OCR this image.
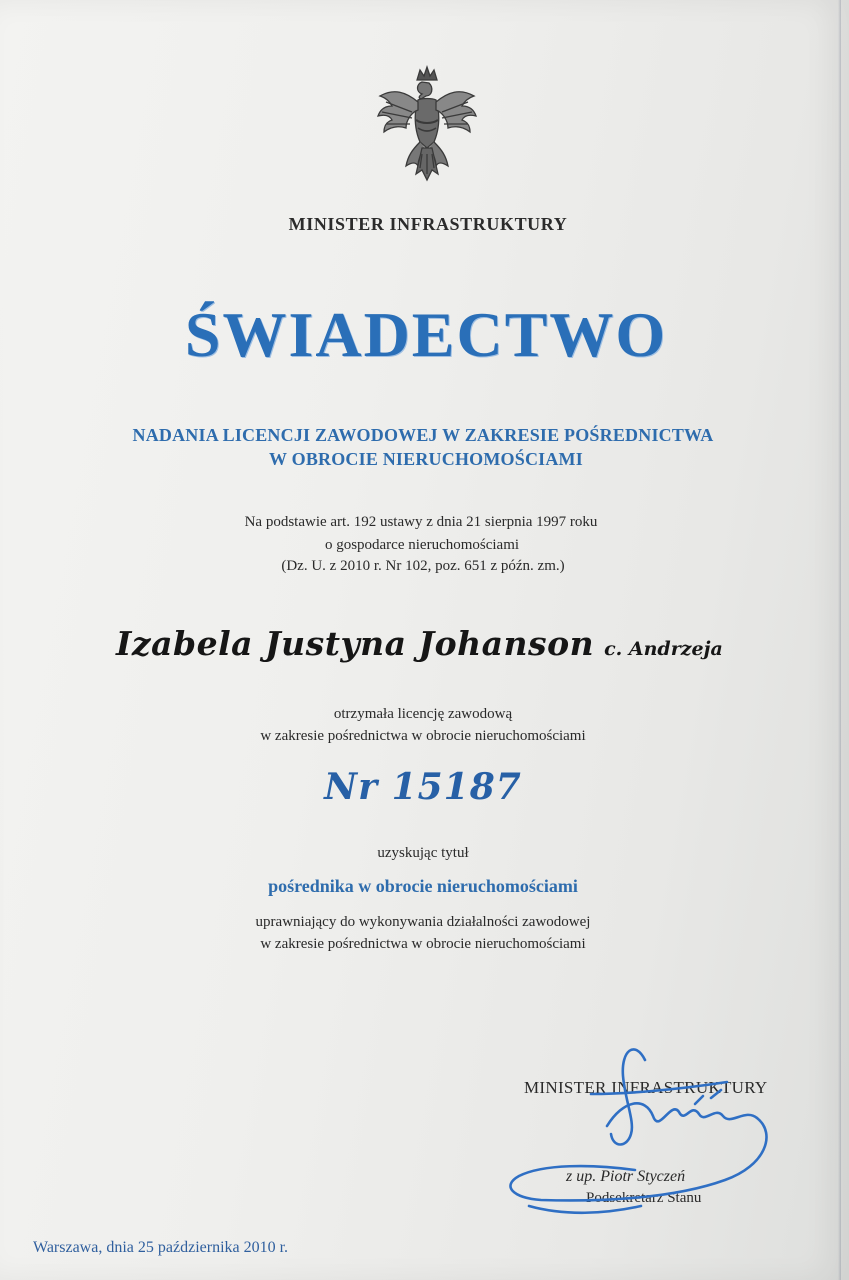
MINISTER INFRASTRUKTURY
ŚWIADECTWO
NADANIA LICENCJI ZAWODOWEJ W ZAKRESIE POŚREDNICTWA
W OBROCIE NIERUCHOMOŚCIAMI
Na podstawie art. 192 ustawy z dnia 21 sierpnia 1997 roku
o gospodarce nieruchomościami
(Dz. U. z 2010 r. Nr 102, poz. 651 z późn. zm.)
Izabela Justyna Johanson c. Andrzeja
otrzymała licencję zawodową
w zakresie pośrednictwa w obrocie nieruchomościami
Nr 15187
uzyskując tytuł
pośrednika w obrocie nieruchomościami
uprawniający do wykonywania działalności zawodowej
w zakresie pośrednictwa w obrocie nieruchomościami
MINISTER INFRASTRUKTURY
z up. Piotr Styczeń
Podsekretarz Stanu
Warszawa, dnia 25 października 2010 r.
